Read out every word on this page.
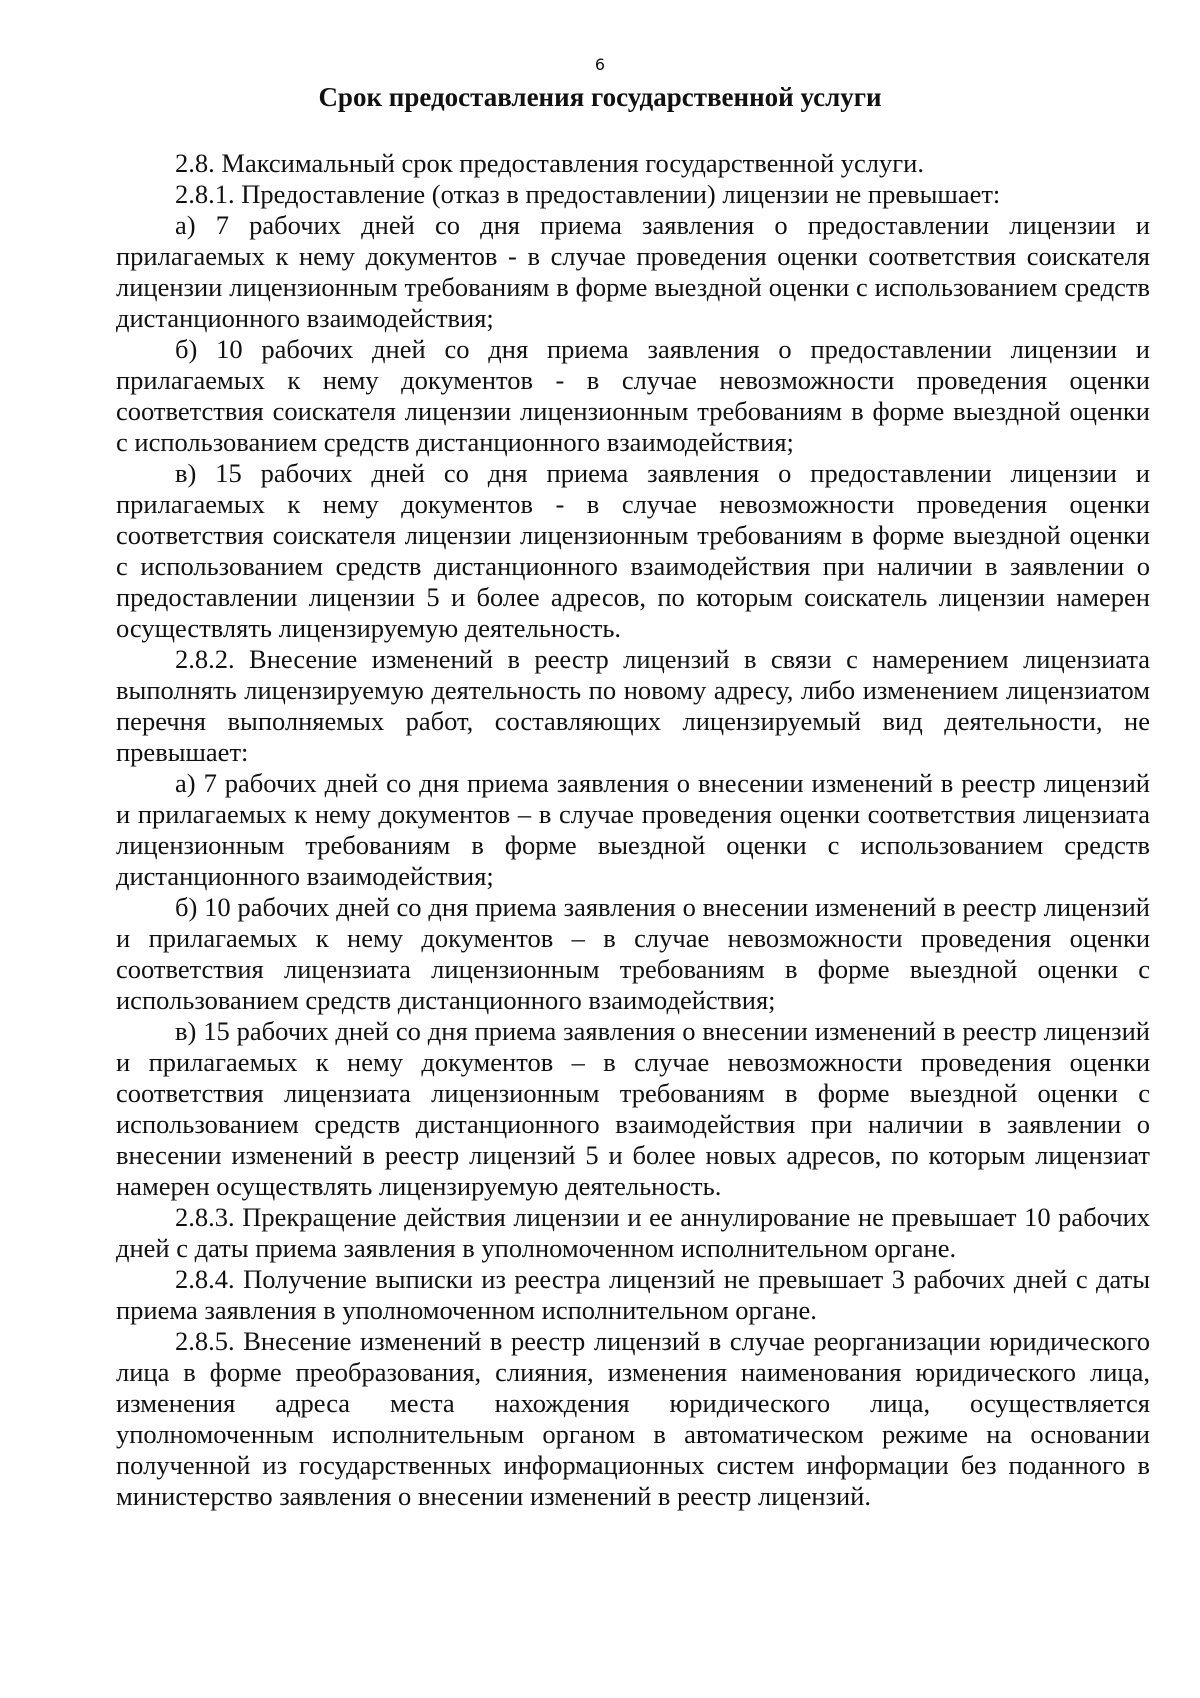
6
Срок предоставления государственной услуги

2.8. Максимальный срок предоставления государственной услуги.

2.8.1. Предоставление (отказ в предоставлении) лицензии не превышает:

а) 7 рабочих дней со дня приема заявления о предоставлении лицензии и прилагаемых к нему документов - в случае проведения оценки соответствия соискателя лицензии лицензионным требованиям в форме выездной оценки с использованием средств дистанционного взаимодействия;

б) 10 рабочих дней со дня приема заявления о предоставлении лицензии и прилагаемых к нему документов - в случае невозможности проведения оценки соответствия соискателя лицензии лицензионным требованиям в форме выездной оценки с использованием средств дистанционного взаимодействия;

в) 15 рабочих дней со дня приема заявления о предоставлении лицензии и прилагаемых к нему документов - в случае невозможности проведения оценки соответствия соискателя лицензии лицензионным требованиям в форме выездной оценки с использованием средств дистанционного взаимодействия при наличии в заявлении о предоставлении лицензии 5 и более адресов, по которым соискатель лицензии намерен осуществлять лицензируемую деятельность.

2.8.2. Внесение изменений в реестр лицензий в связи с намерением лицензиата выполнять лицензируемую деятельность по новому адресу, либо изменением лицензиатом перечня выполняемых работ, составляющих лицензируемый вид деятельности, не превышает:

а) 7 рабочих дней со дня приема заявления о внесении изменений в реестр лицензий и прилагаемых к нему документов – в случае проведения оценки соответствия лицензиата лицензионным требованиям в форме выездной оценки с использованием средств дистанционного взаимодействия;

б) 10 рабочих дней со дня приема заявления о внесении изменений в реестр лицензий и прилагаемых к нему документов – в случае невозможности проведения оценки соответствия лицензиата лицензионным требованиям в форме выездной оценки с использованием средств дистанционного взаимодействия;

в) 15 рабочих дней со дня приема заявления о внесении изменений в реестр лицензий и прилагаемых к нему документов – в случае невозможности проведения оценки соответствия лицензиата лицензионным требованиям в форме выездной оценки с использованием средств дистанционного взаимодействия при наличии в заявлении о внесении изменений в реестр лицензий 5 и более новых адресов, по которым лицензиат намерен осуществлять лицензируемую деятельность.

2.8.3. Прекращение действия лицензии и ее аннулирование не превышает 10 рабочих дней с даты приема заявления в уполномоченном исполнительном органе.

2.8.4. Получение выписки из реестра лицензий не превышает 3 рабочих дней с даты приема заявления в уполномоченном исполнительном органе.

2.8.5. Внесение изменений в реестр лицензий в случае реорганизации юридического лица в форме преобразования, слияния, изменения наименования юридического лица, изменения адреса места нахождения юридического лица, осуществляется уполномоченным исполнительным органом в автоматическом режиме на основании полученной из государственных информационных систем информации без поданного в министерство заявления о внесении изменений в реестр лицензий.
